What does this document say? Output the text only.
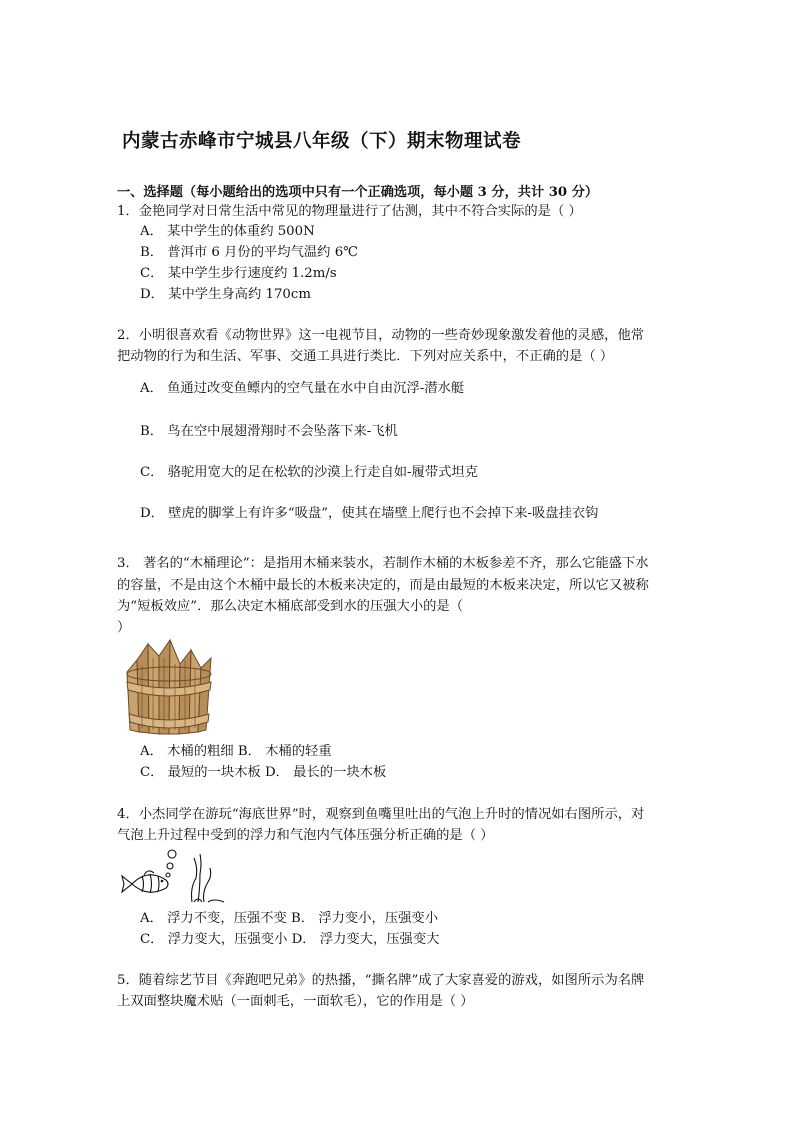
内蒙古赤峰市宁城县八年级（下）期末物理试卷
一、选择题（每小题给出的选项中只有一个正确选项，每小题 3 分，共计 30 分）
1．金艳同学对日常生活中常见的物理量进行了估测，其中不符合实际的是（ ）
A． 某中学生的体重约 500N
B． 普洱市 6 月份的平均气温约 6℃
C． 某中学生步行速度约 1.2m/s
D． 某中学生身高约 170cm
2．小明很喜欢看《动物世界》这一电视节目，动物的一些奇妙现象激发着他的灵感，他常
把动物的行为和生活、军事、交通工具进行类比．下列对应关系中，不正确的是（ ）
A． 鱼通过改变鱼鳔内的空气量在水中自由沉浮-潜水艇
B． 鸟在空中展翅滑翔时不会坠落下来-飞机
C． 骆驼用宽大的足在松软的沙漠上行走自如-履带式坦克
D． 壁虎的脚掌上有许多“吸盘”，使其在墙壁上爬行也不会掉下来-吸盘挂衣钩
3． 著名的“木桶理论”：是指用木桶来装水，若制作木桶的木板参差不齐，那么它能盛下水
的容量，不是由这个木桶中最长的木板来决定的，而是由最短的木板来决定，所以它又被称
为“短板效应”．那么决定木桶底部受到水的压强大小的是（
）
A． 木桶的粗细 B． 木桶的轻重
C． 最短的一块木板 D． 最长的一块木板
4．小杰同学在游玩“海底世界”时，观察到鱼嘴里吐出的气泡上升时的情况如右图所示，对
气泡上升过程中受到的浮力和气泡内气体压强分析正确的是（ ）
A． 浮力不变，压强不变 B． 浮力变小，压强变小
C． 浮力变大，压强变小 D． 浮力变大，压强变大
5．随着综艺节目《奔跑吧兄弟》的热播，“撕名牌”成了大家喜爱的游戏，如图所示为名牌
上双面整块魔术贴（一面刺毛，一面软毛），它的作用是（ ）
